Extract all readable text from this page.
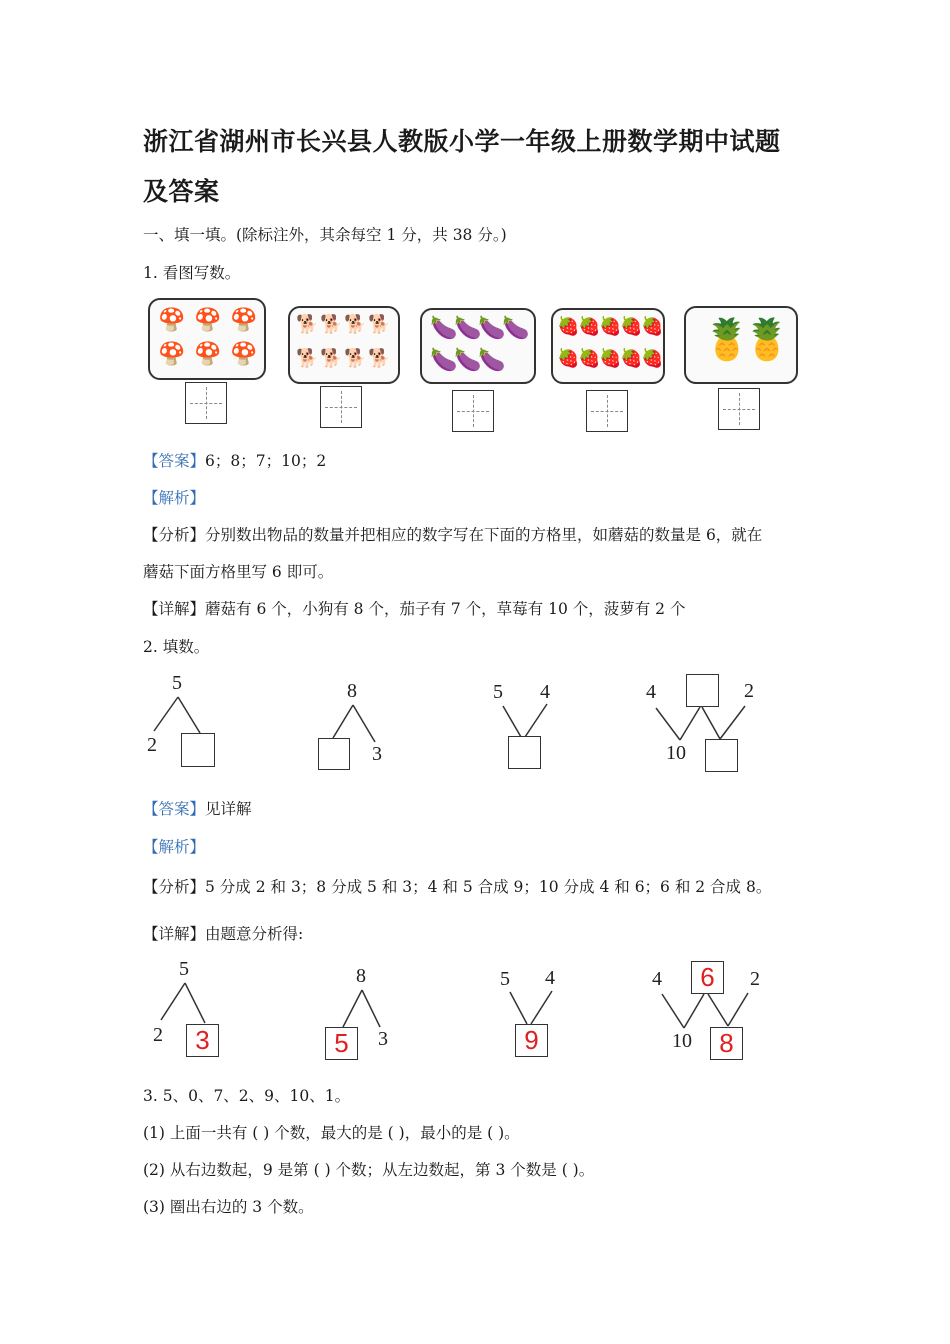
浙江省湖州市长兴县人教版小学一年级上册数学期中试题
及答案
一、填一填。(除标注外，其余每空 1 分，共 38 分。)
1. 看图写数。
🍄 🍄 🍄
🍄 🍄 🍄
🐕 🐕 🐕 🐕
🐕 🐕 🐕 🐕
🍆
🍆
🍆
🍆
🍆
🍆
🍆
🍓
🍓
🍓
🍓
🍓
🍓
🍓
🍓
🍓
🍓 🍍
🍍
【答案】6；8；7；10；2
【解析】
【分析】分别数出物品的数量并把相应的数字写在下面的方格里，如蘑菇的数量是 6，就在
蘑菇下面方格里写 6 即可。
【详解】蘑菇有 6 个，小狗有 8 个，茄子有 7 个，草莓有 10 个，菠萝有 2 个
2. 填数。
5
2
8
3
5 4	4	2
10
【答案】见详解
【解析】
【分析】5 分成 2 和 3；8 分成 5 和 3；4 和 5 合成 9；10 分成 4 和 6；6 和 2 合成 8。
【详解】由题意分析得:
5
2	3
8
5	3
5 4
9
4	6	2
10	8
3. 5、0、7、2、9、10、1。
(1) 上面一共有 ( ) 个数，最大的是 ( )，最小的是 ( )。
(2) 从右边数起，9 是第 ( ) 个数；从左边数起，第 3 个数是 ( )。
(3) 圈出右边的 3 个数。
